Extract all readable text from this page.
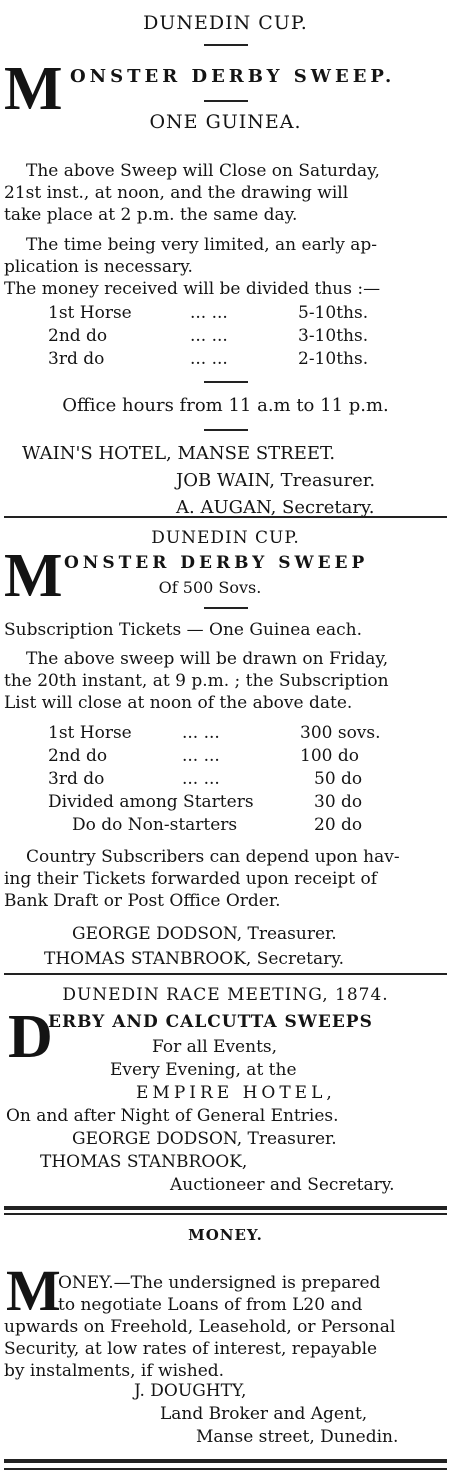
DUNEDIN CUP.
M ONSTER DERBY SWEEP.
ONE GUINEA.
The above Sweep will Close on Saturday,
21st inst., at noon, and the drawing will
take place at 2 p.m. the same day.
The time being very limited, an early ap-
plication is necessary.
The money received will be divided thus :—
1st Horse	... ...	5-10ths.
2nd do	... ...	3-10ths.
3rd do	... ...	2-10ths.
Office hours from 11 a.m to 11 p.m.
WAIN'S HOTEL, MANSE STREET.
JOB WAIN, Treasurer.
A. AUGAN, Secretary.
DUNEDIN CUP.
M ONSTER DERBY SWEEP
Of 500 Sovs.
Subscription Tickets — One Guinea each.
The above sweep will be drawn on Friday,
the 20th instant, at 9 p.m. ; the Subscription
List will close at noon of the above date.
1st Horse	... ...	300 sovs.
2nd do	... ...	100 do
3rd do	... ...	50 do
Divided among Starters	30 do
Do do Non-starters	20 do
Country Subscribers can depend upon hav-
ing their Tickets forwarded upon receipt of
Bank Draft or Post Office Order.
GEORGE DODSON, Treasurer.
THOMAS STANBROOK, Secretary.
DUNEDIN RACE MEETING, 1874.
D
ERBY AND CALCUTTA SWEEPS
For all Events,
Every Evening, at the
EMPIRE HOTEL,
On and after Night of General Entries.
GEORGE DODSON, Treasurer.
THOMAS STANBROOK,
Auctioneer and Secretary.
MONEY.
M
ONEY.—The undersigned is prepared
to negotiate Loans of from L20 and
upwards on Freehold, Leasehold, or Personal
Security, at low rates of interest, repayable
by instalments, if wished.
J. DOUGHTY,
Land Broker and Agent,
Manse street, Dunedin.
